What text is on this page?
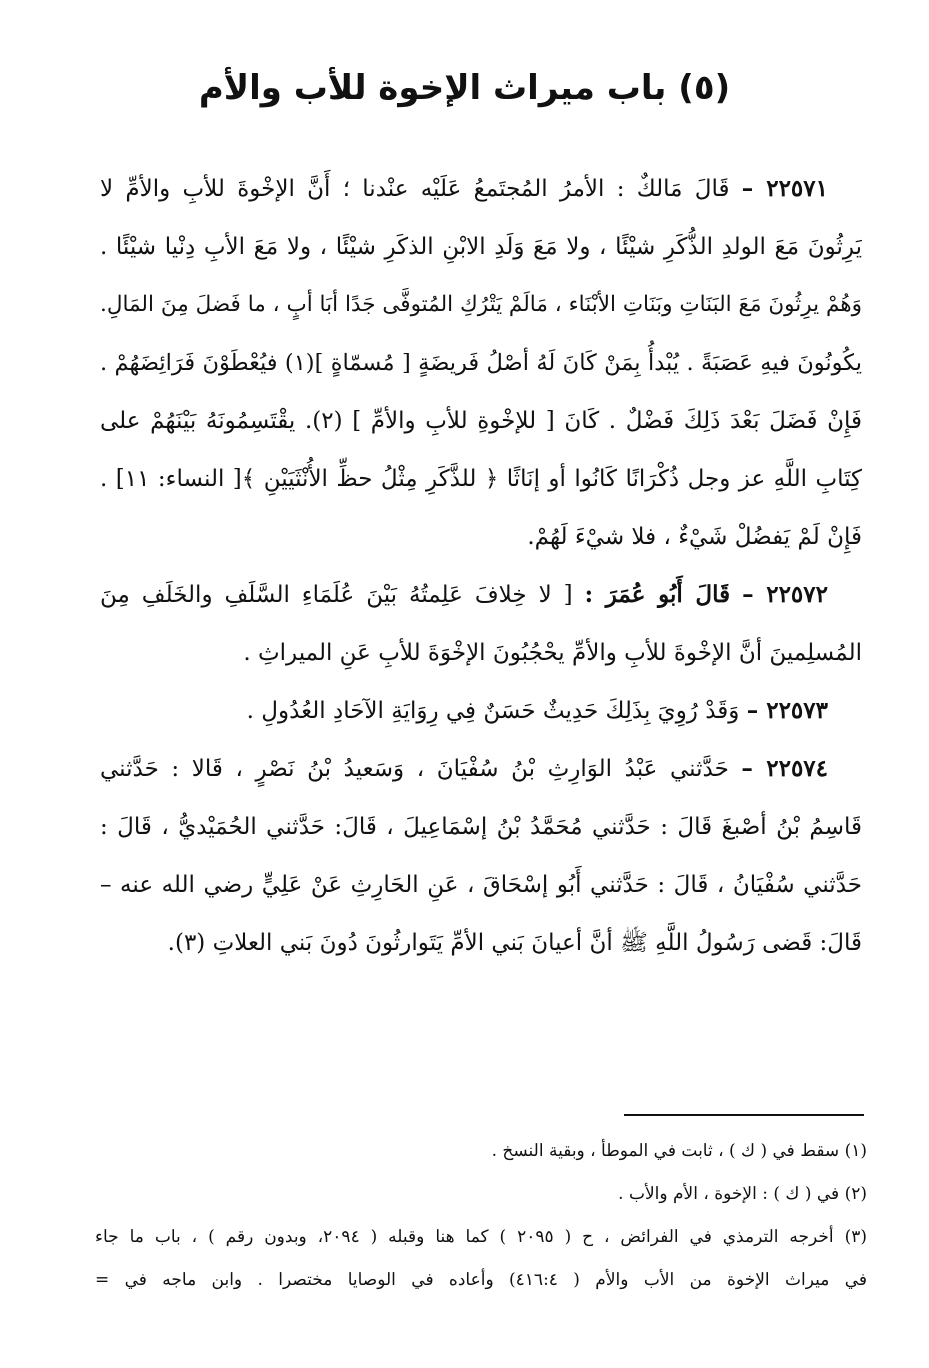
(٥) باب ميراث الإخوة للأب والأم
٢٢٥٧١ – قَالَ مَالكٌ : الأمرُ المُجتَمعُ عَلَيْه عنْدنا ؛ أَنَّ الإخْوةَ للأبِ والأمِّ لا
يَرِثُونَ مَعَ الولدِ الذُّكَرِ شيْئًا ، ولا مَعَ وَلَدِ الابْنِ الذكَرِ شيْئًا ، ولا مَعَ الأبِ دِنْيا شيْئًا .
وَهُمْ يرِثُونَ مَعَ البَنَاتِ وبَنَاتِ الأبْنَاء ، مَالَمْ يَتْرُكِ المُتوفَّى جَدًا أبَا أبٍ ، ما فَضلَ مِنَ المَالِ.
يكُونُونَ فيهِ عَصَبَةً . يُبْدأُ بِمَنْ كَانَ لَهُ أصْلُ فَريضَةٍ [ مُسمّاةٍ ](١) فيُعْطَوْنَ فَرَائِضَهُمْ .
فَإِنْ فَضَلَ بَعْدَ ذَلِكَ فَضْلٌ . كَانَ [ للإخْوةِ للأبِ والأمِّ ] (٢). يقْتَسِمُونَهُ بَيْنَهُمْ على
كِتَابِ اللَّهِ عز وجل ذُكْرَانًا كَانُوا أو إنَاثًا ﴿ للذَّكَرِ مِثْلُ حظِّ الأُنْثَيَيْنِ ﴾[ النساء: ١١] .
فَإِنْ لَمْ يَفضُلْ شَيْءٌ ، فلا شيْءَ لَهُمْ.
٢٢٥٧٢ – قَالَ أَبُو عُمَرَ : [ لا خِلافَ عَلِمتُهُ بَيْنَ عُلَمَاءِ السَّلَفِ والخَلَفِ مِنَ
المُسلِمينَ أنَّ الإخْوةَ للأبِ والأمِّ يحْجُبُونَ الإخْوَةَ للأبِ عَنِ الميراثِ .
٢٢٥٧٣ – وَقَدْ رُوِيَ بِذَلِكَ حَدِيثٌ حَسَنٌ فِي رِوَايَةِ الآحَادِ العُدُولِ .
٢٢٥٧٤ – حَدَّثني عَبْدُ الوَارِثِ بْنُ سُفْيَانَ ، وَسَعيدُ بْنُ نَصْرٍ ، قَالا : حَدَّثني
قَاسِمُ بْنُ أصْبغَ قَالَ : حَدَّثني مُحَمَّدُ بْنُ إسْمَاعِيلَ ، قَالَ: حَدَّثني الحُمَيْديُّ ، قَالَ :
حَدَّثني سُفْيَانُ ، قَالَ : حَدَّثني أَبُو إسْحَاقَ ، عَنِ الحَارِثِ عَنْ عَلِيٍّ رضي الله عنه –
قَالَ: قَضى رَسُولُ اللَّهِ ﷺ أنَّ أعيانَ بَني الأمِّ يَتَوارثُونَ دُونَ بَني العلاتِ (٣).
(١) سقط في ( ك ) ، ثابت في الموطأ ، وبقية النسخ .
(٢) في ( ك ) : الإخوة ، الأم والأب .
(٣) أخرجه الترمذي في الفرائض ، ح ( ٢٠٩٥ ) كما هنا وقبله ( ٢٠٩٤، وبدون رقم ) ، باب ما جاء
في ميراث الإخوة من الأب والأم ( ٤١٦:٤) وأعاده في الوصايا مختصرا . وابن ماجه في =
